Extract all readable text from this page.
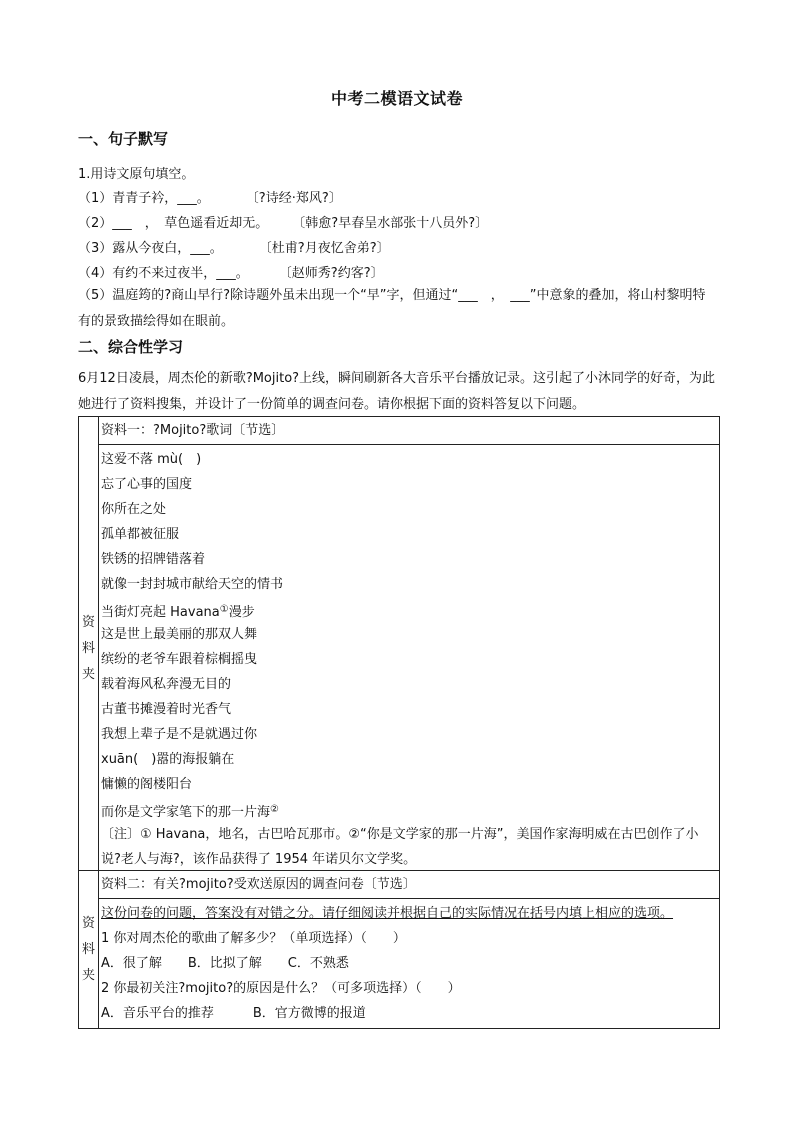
中考二模语文试卷
一、句子默写
1.用诗文原句填空。
（1）青青子衿，___。	〔?诗经·郑风?〕
（2）___　，　草色遥看近却无。 〔韩愈?早春呈水部张十八员外?〕
（3）露从今夜白，___。	〔杜甫?月夜忆舍弟?〕
（4）有约不来过夜半，___。 〔赵师秀?约客?〕
（5）温庭筠的?商山早行?除诗题外虽未出现一个“早”字，但通过“___　，　___”中意象的叠加，将山村黎明特有的景致描绘得如在眼前。
二、综合性学习
6月12日凌晨，周杰伦的新歌?Mojito?上线，瞬间刷新各大音乐平台播放记录。这引起了小沐同学的好奇，为此她进行了资料搜集，并设计了一份简单的调查问卷。请你根据下面的资料答复以下问题。
资
料
夹
资料一：?Mojito?歌词〔节选〕
这爱不落 mù(　)
忘了心事的国度
你所在之处
孤单都被征服
铁锈的招牌错落着
就像一封封城市献给天空的情书
当街灯亮起 Havana①漫步
这是世上最美丽的那双人舞
缤纷的老爷车跟着棕榈摇曳
载着海风私奔漫无目的
古董书摊漫着时光香气
我想上辈子是不是就遇过你
xuān(　)嚣的海报躺在
慵懒的阁楼阳台
而你是文学家笔下的那一片海②
〔注〕① Havana，地名，古巴哈瓦那市。②“你是文学家的那一片海”，美国作家海明威在古巴创作了小说?老人与海?，该作品获得了 1954 年诺贝尔文学奖。
资
料
夹
资料二：有关?mojito?受欢送原因的调查问卷〔节选〕
这份问卷的问题，答案没有对错之分。请仔细阅读并根据自己的实际情况在括号内填上相应的选项。
1 你对周杰伦的歌曲了解多少？（单项选择）（　　）
A．很了解　　B．比拟了解　　C．不熟悉
2 你最初关注?mojito?的原因是什么？（可多项选择）（　　）
A．音乐平台的推荐　　　B．官方微博的报道
